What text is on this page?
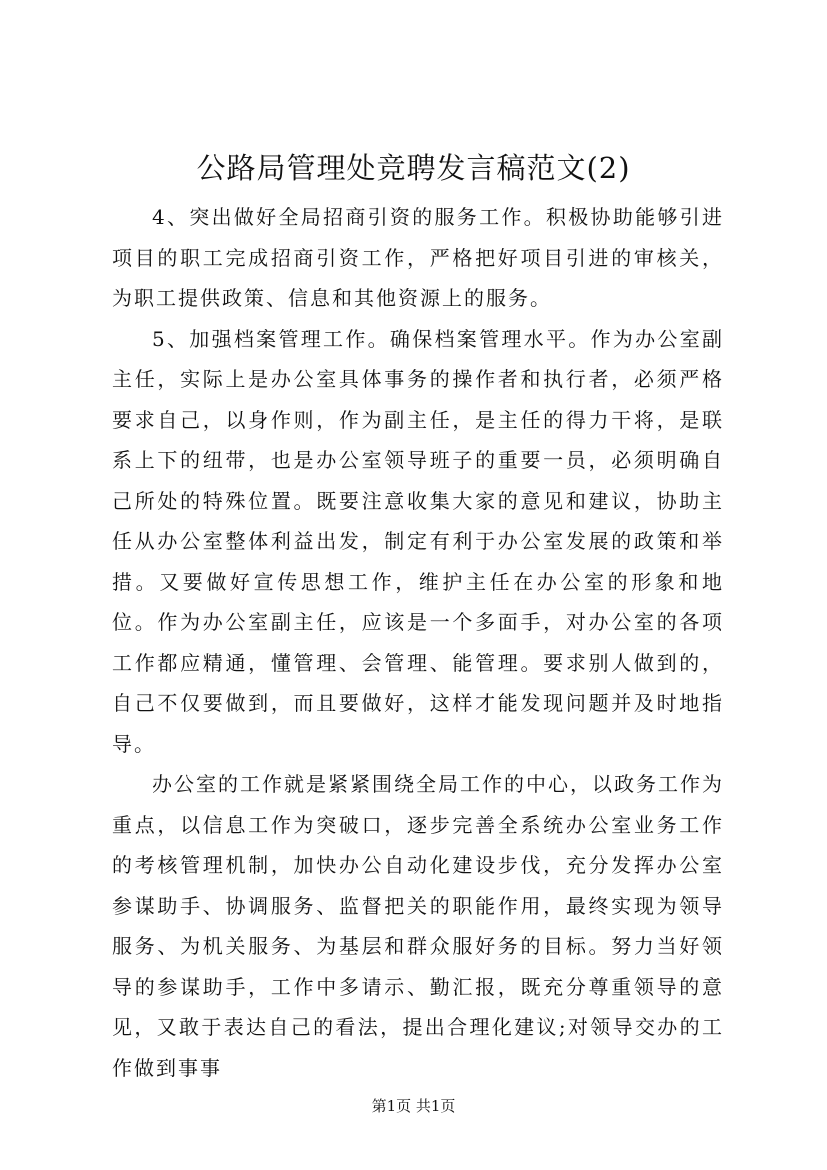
公路局管理处竞聘发言稿范文(2)

4、突出做好全局招商引资的服务工作。积极协助能够引进项目的职工完成招商引资工作，严格把好项目引进的审核关，为职工提供政策、信息和其他资源上的服务。

5、加强档案管理工作。确保档案管理水平。作为办公室副主任，实际上是办公室具体事务的操作者和执行者，必须严格要求自己，以身作则，作为副主任，是主任的得力干将，是联系上下的纽带，也是办公室领导班子的重要一员，必须明确自己所处的特殊位置。既要注意收集大家的意见和建议，协助主任从办公室整体利益出发，制定有利于办公室发展的政策和举措。又要做好宣传思想工作，维护主任在办公室的形象和地位。作为办公室副主任，应该是一个多面手，对办公室的各项工作都应精通，懂管理、会管理、能管理。要求别人做到的，自己不仅要做到，而且要做好，这样才能发现问题并及时地指导。

办公室的工作就是紧紧围绕全局工作的中心，以政务工作为重点，以信息工作为突破口，逐步完善全系统办公室业务工作的考核管理机制，加快办公自动化建设步伐，充分发挥办公室参谋助手、协调服务、监督把关的职能作用，最终实现为领导服务、为机关服务、为基层和群众服好务的目标。努力当好领导的参谋助手，工作中多请示、勤汇报，既充分尊重领导的意见，又敢于表达自己的看法，提出合理化建议;对领导交办的工作做到事事

第1页 共1页
